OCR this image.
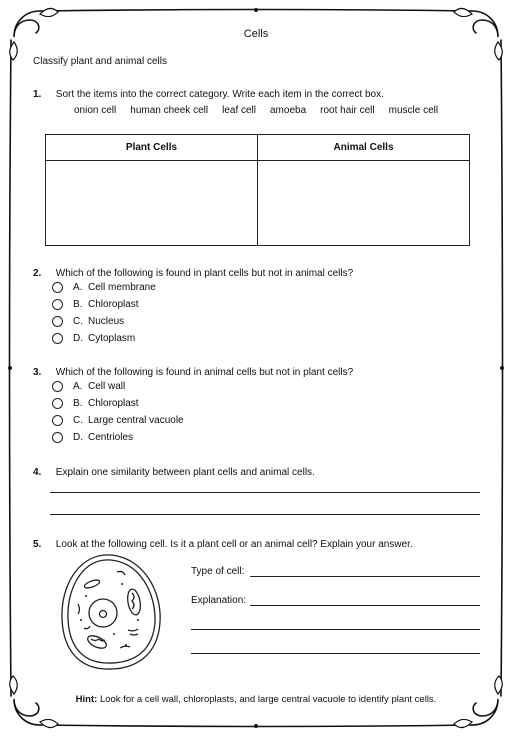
Cells
Classify plant and animal cells
1. Sort the items into the correct category. Write each item in the correct box.
onion cell human cheek cell leaf cell amoeba root hair cell muscle cell
Plant Cells	Animal Cells

2. Which of the following is found in plant cells but not in animal cells?
A. Cell membrane
B. Chloroplast
C. Nucleus
D. Cytoplasm
3. Which of the following is found in animal cells but not in plant cells?
A. Cell wall
B. Chloroplast
C. Large central vacuole
D. Centrioles
4. Explain one similarity between plant cells and animal cells.
5. Look at the following cell. Is it a plant cell or an animal cell? Explain your answer.
Type of cell:
Explanation:
Hint: Look for a cell wall, chloroplasts, and large central vacuole to identify plant cells.
